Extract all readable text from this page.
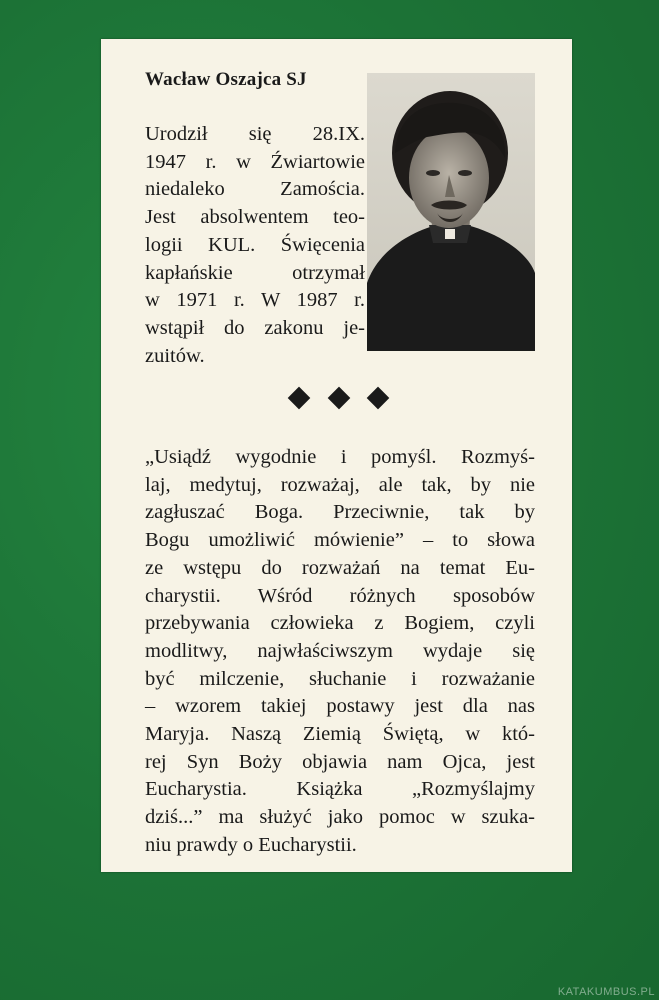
Wacław Oszajca SJ
Urodził się 28.IX.
1947 r. w Źwiartowie
niedaleko Zamościa.
Jest absolwentem teo-
logii KUL. Święcenia
kapłańskie otrzymał
w 1971 r. W 1987 r.
wstąpił do zakonu je-
zuitów.
„Usiądź wygodnie i pomyśl. Rozmyś-
laj, medytuj, rozważaj, ale tak, by nie
zagłuszać Boga. Przeciwnie, tak by
Bogu umożliwić mówienie” – to słowa
ze wstępu do rozważań na temat Eu-
charystii. Wśród różnych sposobów
przebywania człowieka z Bogiem, czyli
modlitwy, najwłaściwszym wydaje się
być milczenie, słuchanie i rozważanie
– wzorem takiej postawy jest dla nas
Maryja. Naszą Ziemią Świętą, w któ-
rej Syn Boży objawia nam Ojca, jest
Eucharystia. Książka „Rozmyślajmy
dziś...” ma służyć jako pomoc w szuka-
niu prawdy o Eucharystii.
KATAKUMBUS.PL
